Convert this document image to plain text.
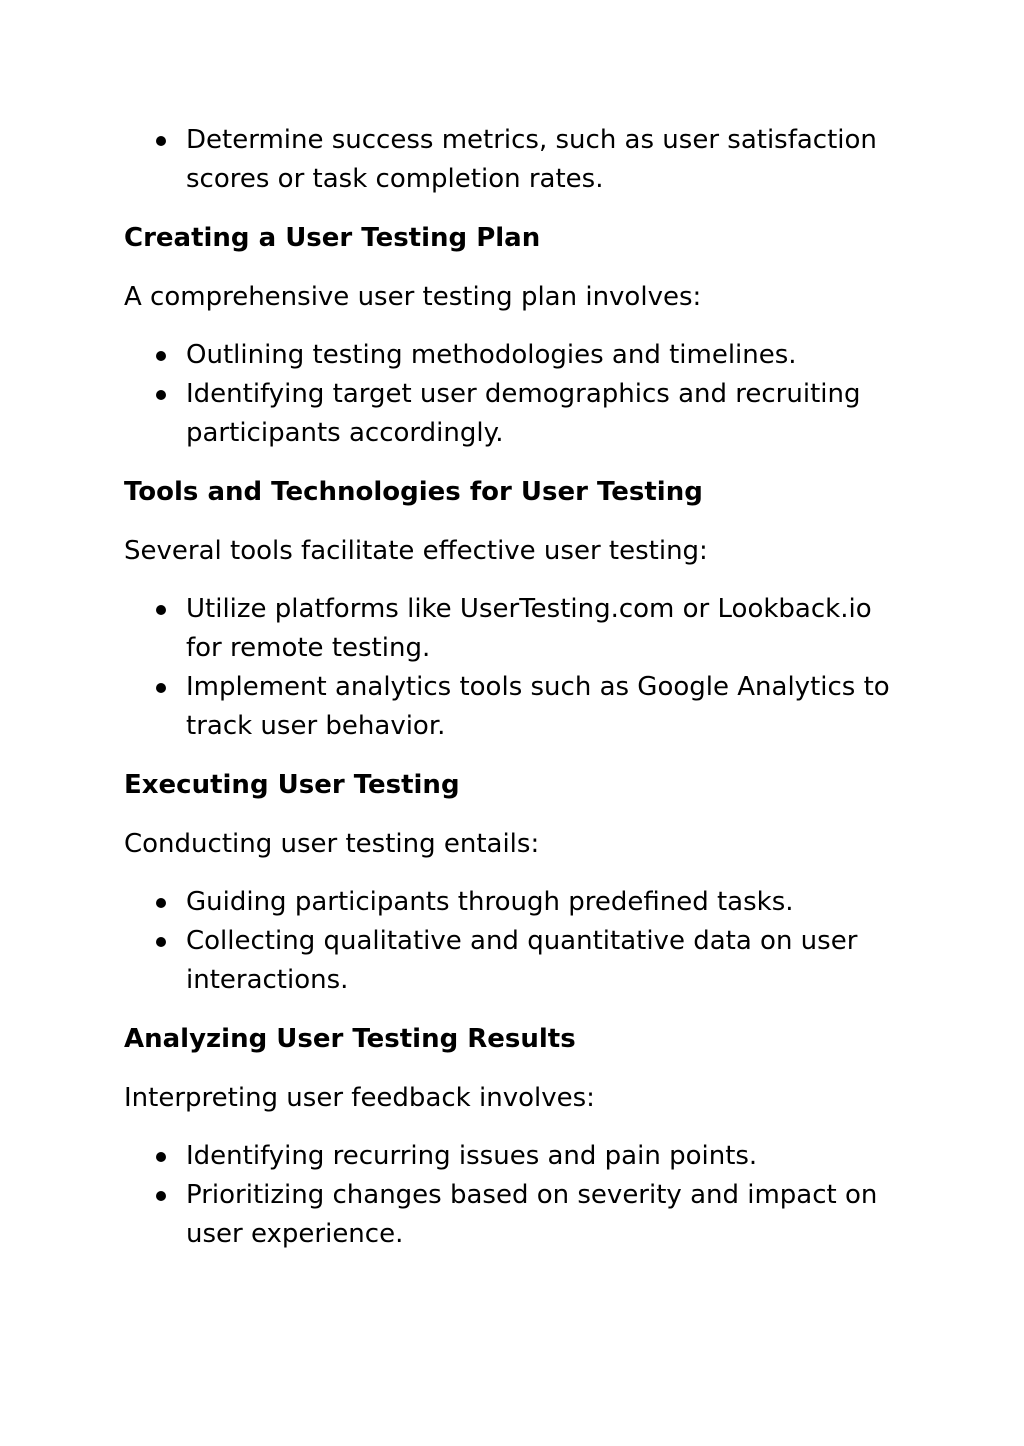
Determine success metrics, such as user satisfaction scores or task completion rates.
Creating a User Testing Plan

A comprehensive user testing plan involves:

Outlining testing methodologies and timelines.
Identifying target user demographics and recruiting participants accordingly.
Tools and Technologies for User Testing

Several tools facilitate effective user testing:

Utilize platforms like UserTesting.com or Lookback.io for remote testing.
Implement analytics tools such as Google Analytics to track user behavior.
Executing User Testing

Conducting user testing entails:

Guiding participants through predefined tasks.
Collecting qualitative and quantitative data on user interactions.
Analyzing User Testing Results

Interpreting user feedback involves:

Identifying recurring issues and pain points.
Prioritizing changes based on severity and impact on user experience.
